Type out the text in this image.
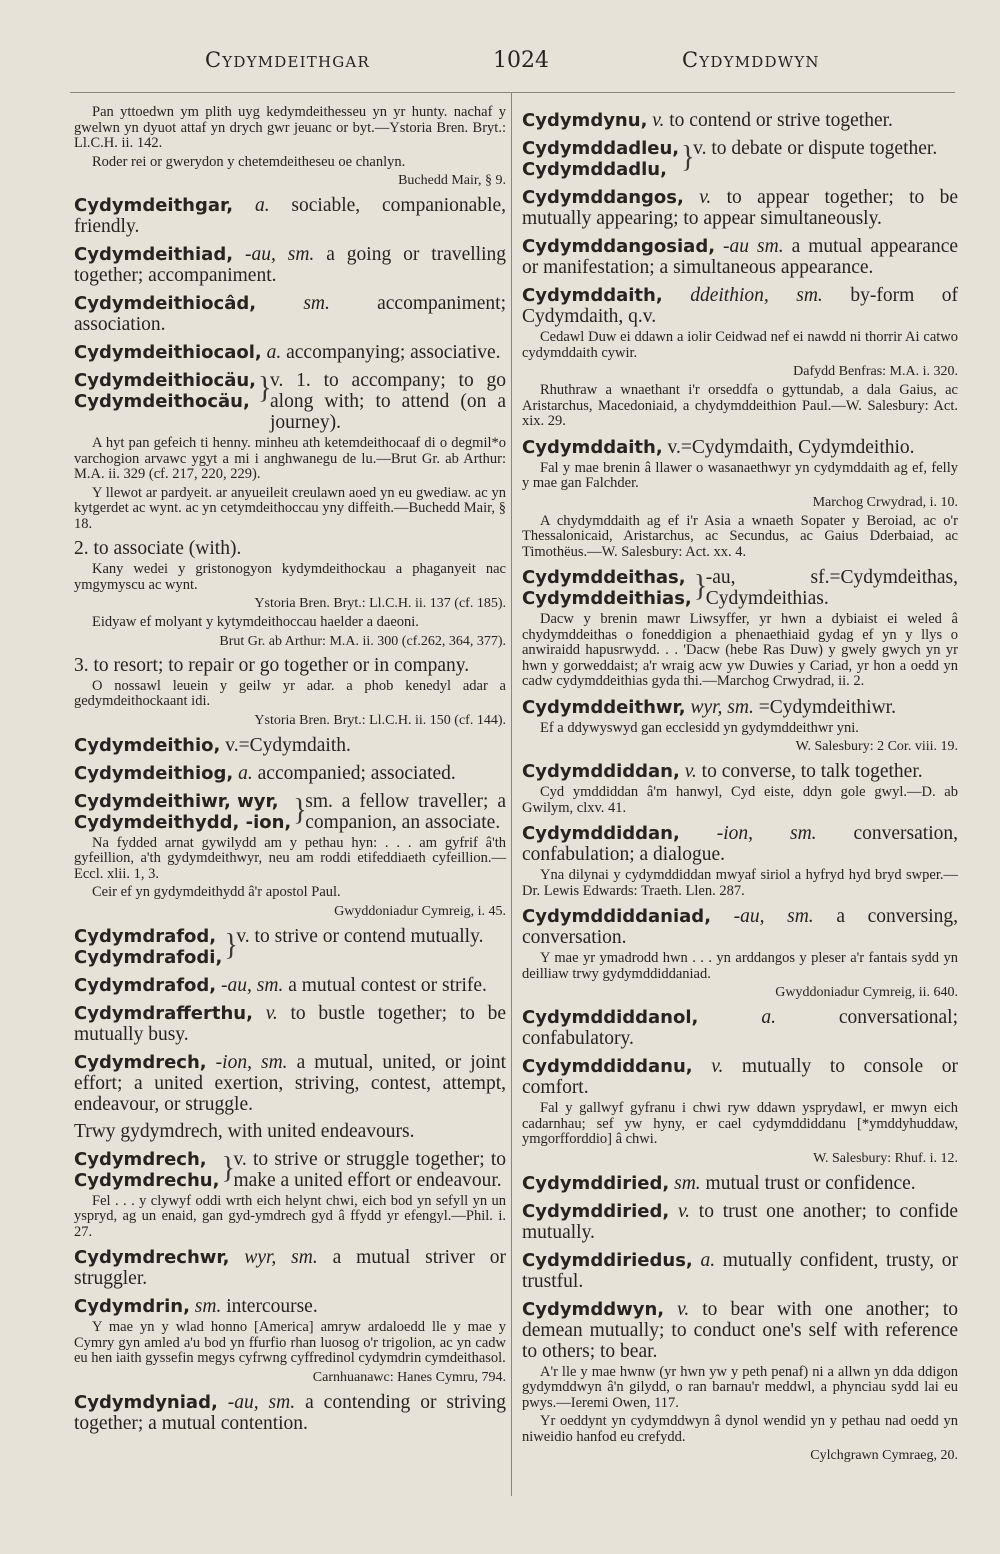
Cydymdeithgar	1024	Cydymddwyn
Pan yttoedwn ym plith uyg kedymdeithesseu yn yr hunty. nachaf y gwelwn yn dyuot attaf yn drych gwr jeuanc or byt.—Ystoria Bren. Bryt.: Ll.C.H. ii. 142.
Roder rei or gwerydon y chetemdeitheseu oe chanlyn.
Buchedd Mair, § 9.
Cydymdeithgar, a. sociable, companionable, friendly.
Cydymdeithiad, -au, sm. a going or travelling together; accompaniment.
Cydymdeithiocâd, sm. accompaniment; association.
Cydymdeithiocaol, a. accompanying; associative.
Cydymdeithiocäu,
Cydymdeithocäu, }
v. 1. to accompany; to go along with; to attend (on a journey).
A hyt pan gefeich ti henny. minheu ath ketemdeithocaaf di o degmil*o varchogion arvawc ygyt a mi i anghwanegu de lu.—Brut Gr. ab Arthur: M.A. ii. 329 (cf. 217, 220, 229).
Y llewot ar pardyeit. ar anyueileit creulawn aoed yn eu gwediaw. ac yn kytgerdet ac wynt. ac yn cetymdeithoccau yny diffeith.—Buchedd Mair, § 18.
2. to associate (with).
Kany wedei y gristonogyon kydymdeithockau a phaganyeit nac ymgymyscu ac wynt.
Ystoria Bren. Bryt.: Ll.C.H. ii. 137 (cf. 185).
Eidyaw ef molyant y kytymdeithoccau haelder a daeoni.
Brut Gr. ab Arthur: M.A. ii. 300 (cf.262, 364, 377).
3. to resort; to repair or go together or in company.
O nossawl leuein y geilw yr adar. a phob kenedyl adar a gedymdeithockaant idi.
Ystoria Bren. Bryt.: Ll.C.H. ii. 150 (cf. 144).
Cydymdeithio, v.=Cydymdaith.
Cydymdeithiog, a. accompanied; associated.
Cydymdeithiwr, wyr,
Cydymdeithydd, -ion, }
sm. a fellow traveller; a companion, an associate.
Na fydded arnat gywilydd am y pethau hyn: . . . am gyfrif â'th gyfeillion, a'th gydymdeithwyr, neu am roddi etifeddiaeth cyfeillion.—Eccl. xlii. 1, 3.
Ceir ef yn gydymdeithydd â'r apostol Paul.
Gwyddoniadur Cymreig, i. 45.
Cydymdrafod,
Cydymdrafodi, }
v. to strive or contend mutually.
Cydymdrafod, -au, sm. a mutual contest or strife.
Cydymdrafferthu, v. to bustle together; to be mutually busy.
Cydymdrech, -ion, sm. a mutual, united, or joint effort; a united exertion, striving, contest, attempt, endeavour, or struggle.
Trwy gydymdrech, with united endeavours.
Cydymdrech,
Cydymdrechu, }
v. to strive or struggle together; to make a united effort or endeavour.
Fel . . . y clywyf oddi wrth eich helynt chwi, eich bod yn sefyll yn un yspryd, ag un enaid, gan gyd-ymdrech gyd â ffydd yr efengyl.—Phil. i. 27.
Cydymdrechwr, wyr, sm. a mutual striver or struggler.
Cydymdrin, sm. intercourse.
Y mae yn y wlad honno [America] amryw ardaloedd lle y mae y Cymry gyn amled a'u bod yn ffurfio rhan luosog o'r trigolion, ac yn cadw eu hen iaith gyssefin megys cyfrwng cyffredinol cydymdrin cymdeithasol.
Carnhuanawc: Hanes Cymru, 794.
Cydymdyniad, -au, sm. a contending or striving together; a mutual contention.
Cydymdynu, v. to contend or strive together.
Cydymddadleu,
Cydymddadlu, }
v. to debate or dispute together.
Cydymddangos, v. to appear together; to be mutually appearing; to appear simultaneously.
Cydymddangosiad, -au sm. a mutual appearance or manifestation; a simultaneous appearance.
Cydymddaith, ddeithion, sm. by-form of Cydymdaith, q.v.
Cedawl Duw ei ddawn a iolir Ceidwad nef ei nawdd ni thorrir Ai catwo cydymddaith cywir.
Dafydd Benfras: M.A. i. 320.
Rhuthraw a wnaethant i'r orseddfa o gyttundab, a dala Gaius, ac Aristarchus, Macedoniaid, a chydymddeithion Paul.—W. Salesbury: Act. xix. 29.
Cydymddaith, v.=Cydymdaith, Cydymdeithio.
Fal y mae brenin â llawer o wasanaethwyr yn cydymddaith ag ef, felly y mae gan Falchder.
Marchog Crwydrad, i. 10.
A chydymddaith ag ef i'r Asia a wnaeth Sopater y Beroiad, ac o'r Thessalonicaid, Aristarchus, ac Secundus, ac Gaius Dderbaiad, ac Timothëus.—W. Salesbury: Act. xx. 4.
Cydymddeithas,
Cydymddeithias, }
-au, sf.=Cydymdeithas, Cydymdeithias.
Dacw y brenin mawr Liwsyffer, yr hwn a dybiaist ei weled â chydymddeithas o foneddigion a phenaethiaid gydag ef yn y llys o anwiraidd hapusrwydd. . . 'Dacw (hebe Ras Duw) y gwely gwych yn yr hwn y gorweddaist; a'r wraig acw yw Duwies y Cariad, yr hon a oedd yn cadw cydymddeithias gyda thi.—Marchog Crwydrad, ii. 2.
Cydymddeithwr, wyr, sm. =Cydymdeithiwr.
Ef a ddywyswyd gan ecclesidd yn gydymddeithwr yni.
W. Salesbury: 2 Cor. viii. 19.
Cydymddiddan, v. to converse, to talk together.
Cyd ymddiddan â'm hanwyl, Cyd eiste, ddyn gole gwyl.—D. ab Gwilym, clxv. 41.
Cydymddiddan, -ion, sm. conversation, confabulation; a dialogue.
Yna dilynai y cydymddiddan mwyaf siriol a hyfryd hyd bryd swper.—Dr. Lewis Edwards: Traeth. Llen. 287.
Cydymddiddaniad, -au, sm. a conversing, conversation.
Y mae yr ymadrodd hwn . . . yn arddangos y pleser a'r fantais sydd yn deilliaw trwy gydymddiddaniad.
Gwyddoniadur Cymreig, ii. 640.
Cydymddiddanol,	a.	conversational; confabulatory.
Cydymddiddanu, v. mutually to console or comfort.
Fal y gallwyf gyfranu i chwi ryw ddawn ysprydawl, er mwyn eich cadarnhau; sef yw hyny, er cael cydymddiddanu [*ymddyhuddaw, ymgorfforddio] â chwi.
W. Salesbury: Rhuf. i. 12.
Cydymddiried, sm. mutual trust or confidence.
Cydymddiried, v. to trust one another; to confide mutually.
Cydymddiriedus, a. mutually confident, trusty, or trustful.
Cydymddwyn, v. to bear with one another; to demean mutually; to conduct one's self with reference to others; to bear.
A'r lle y mae hwnw (yr hwn yw y peth penaf) ni a allwn yn dda ddigon gydymddwyn â'n gilydd, o ran barnau'r meddwl, a phynciau sydd lai eu pwys.—Ieremi Owen, 117.
Yr oeddynt yn cydymddwyn â dynol wendid yn y pethau nad oedd yn niweidio hanfod eu crefydd.
Cylchgrawn Cymraeg, 20.
